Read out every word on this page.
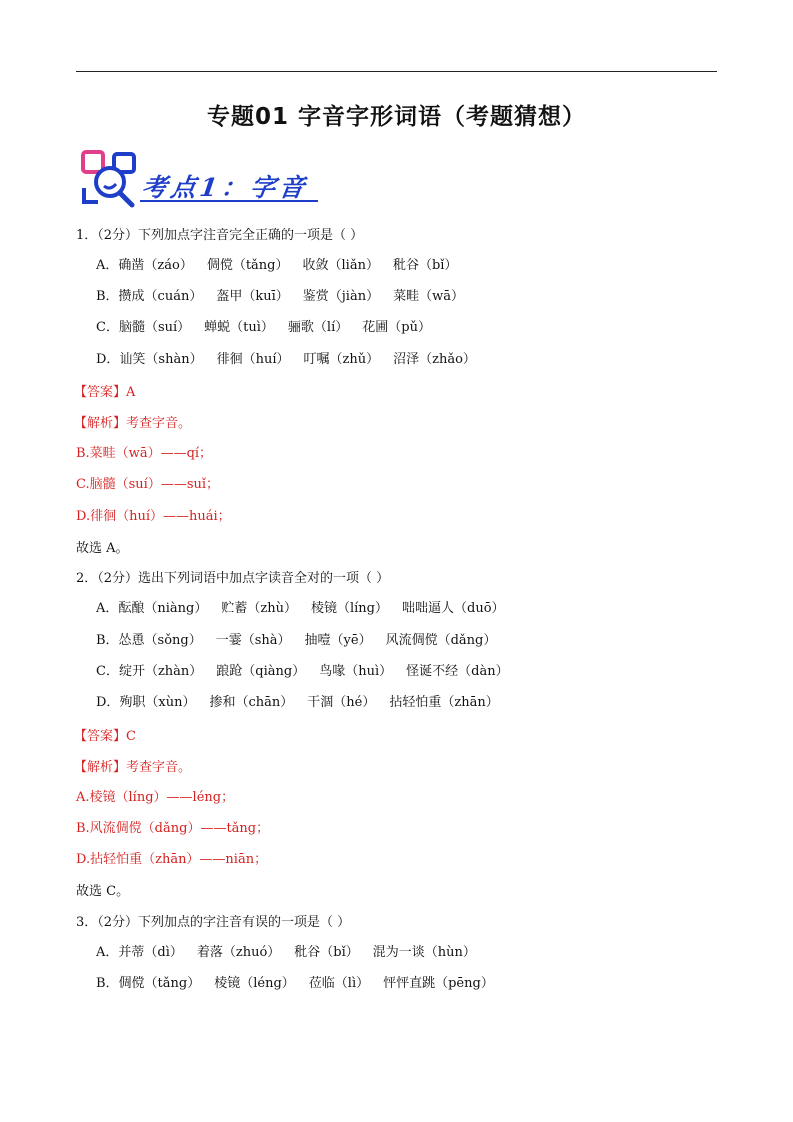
专题01 字音字形词语（考题猜想）
考点1：字音
1．（2分）下列加点字注音完全正确的一项是（ ）
A．确凿（záo） 倜傥（tǎng） 收敛（liǎn） 秕谷（bǐ）
B．攒成（cuán） 盔甲（kuī） 鉴赏（jiàn） 菜畦（wā）
C．脑髓（suí） 蝉蜕（tuì） 骊歌（lí） 花圃（pǔ）
D．讪笑（shàn） 徘徊（huí） 叮嘱（zhǔ） 沼泽（zhǎo）
【答案】A
【解析】考查字音。
B.菜畦（wā）——qí；
C.脑髓（suí）——suǐ；
D.徘徊（huí）——huái；
故选 A。
2．（2分）选出下列词语中加点字读音全对的一项（ ）
A．酝酿（niàng） 贮蓄（zhù） 棱镜（líng） 咄咄逼人（duō）
B．怂恿（sǒng） 一霎（shà） 抽噎（yē） 风流倜傥（dǎng）
C．绽开（zhàn） 踉跄（qiàng） 鸟喙（huì） 怪诞不经（dàn）
D．殉职（xùn） 掺和（chān） 干涸（hé） 拈轻怕重（zhān）
【答案】C
【解析】考查字音。
A.棱镜（líng）——léng；
B.风流倜傥（dǎng）——tǎng；
D.拈轻怕重（zhān）——niān；
故选 C。
3．（2分）下列加点的字注音有误的一项是（ ）
A．并蒂（dì） 着落（zhuó） 秕谷（bǐ） 混为一谈（hùn）
B．倜傥（tǎng） 棱镜（léng） 莅临（lì） 怦怦直跳（pēng）
